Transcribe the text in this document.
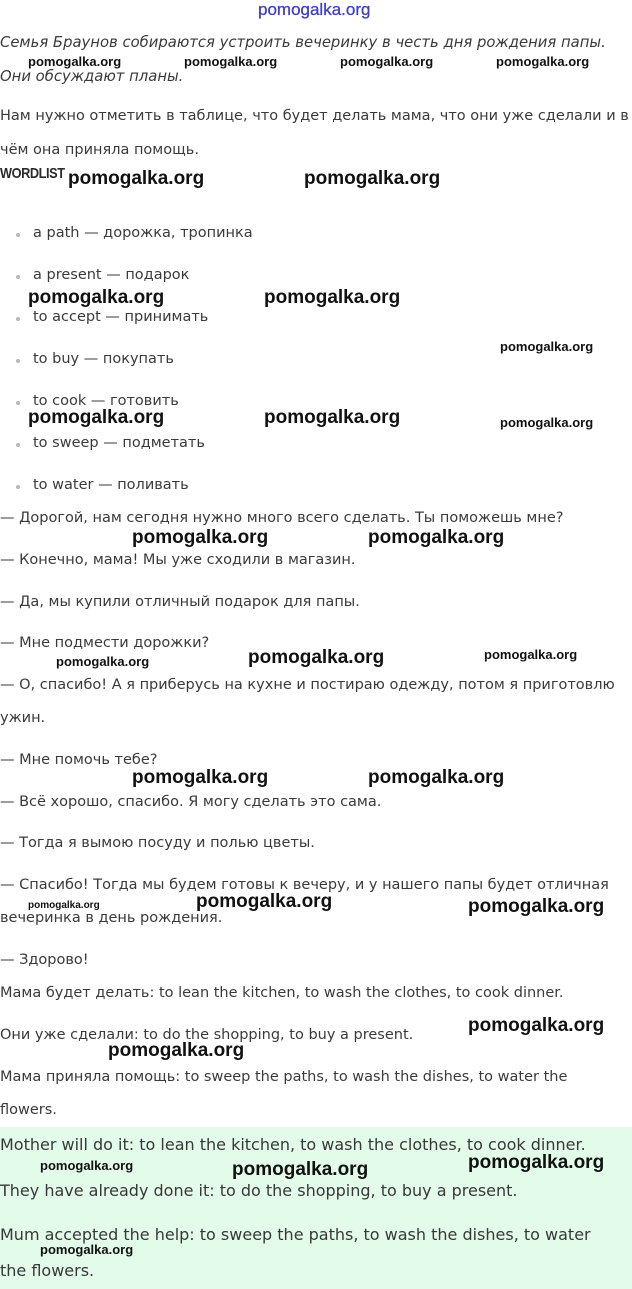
pomogalka.org

Семья Браунов собираются устроить вечеринку в честь дня рождения папы.

Они обсуждают планы.

Нам нужно отметить в таблице, что будет делать мама, что они уже сделали и в

чём она приняла помощь.

WORDLIST

a path — дорожка, тропинка

a present — подарок

to accept — принимать

to buy — покупать

to cook — готовить

to sweep — подметать

to water — поливать

— Дорогой, нам сегодня нужно много всего сделать. Ты поможешь мне?

— Конечно, мама! Мы уже сходили в магазин.

— Да, мы купили отличный подарок для папы.

— Мне подмести дорожки?

— О, спасибо! А я приберусь на кухне и постираю одежду, потом я приготовлю

ужин.

— Мне помочь тебе?

— Всё хорошо, спасибо. Я могу сделать это сама.

— Тогда я вымою посуду и полью цветы.

— Спасибо! Тогда мы будем готовы к вечеру, и у нашего папы будет отличная

вечеринка в день рождения.

— Здорово!

Мама будет делать: to lean the kitchen, to wash the clothes, to cook dinner.

Они уже сделали: to do the shopping, to buy a present.

Мама приняла помощь: to sweep the paths, to wash the dishes, to water the

flowers.

Mother will do it: to lean the kitchen, to wash the clothes, to cook dinner.

They have already done it: to do the shopping, to buy a present.

Mum accepted the help: to sweep the paths, to wash the dishes, to water

the flowers.

pomogalka.org	pomogalka.org	pomogalka.org	pomogalka.org
pomogalka.org	pomogalka.org
pomogalka.org	pomogalka.org
pomogalka.org
pomogalka.org	pomogalka.org	pomogalka.org
pomogalka.org	pomogalka.org
pomogalka.org	pomogalka.org	pomogalka.org
pomogalka.org	pomogalka.org
pomogalka.org	pomogalka.org	pomogalka.org
pomogalka.org
pomogalka.org
pomogalka.org	pomogalka.org	pomogalka.org
pomogalka.org
